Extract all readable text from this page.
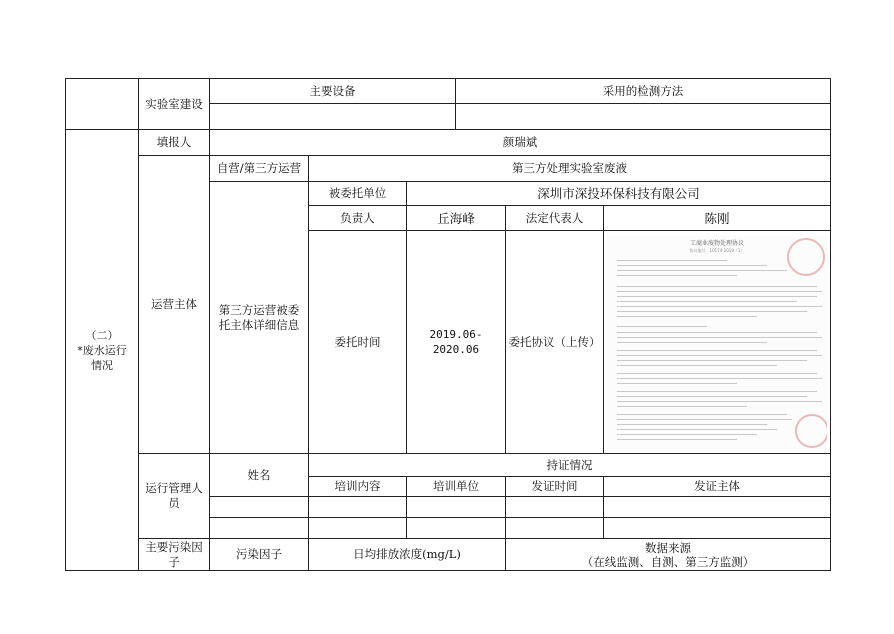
（二）
*废水运行情况
实验室建设
主要设备	采用的检测方法
填报人	颜瑞斌
运营主体
自营/第三方运营	第三方处理实验室废液
第三方运营被委托主体详细信息
被委托单位	深圳市深投环保科技有限公司
负责人	丘海峰	法定代表人	陈刚
委托时间	2019.06-2020.06
委托协议（上传）
工商业废物处理协议
协议编号：10174-2019（1）
运行管理人员
姓名
持证情况
培训内容	培训单位	发证时间	发证主体
主要污染因子
污染因子	日均排放浓度(mg/L)	数据来源
（在线监测、自测、第三方监测）
